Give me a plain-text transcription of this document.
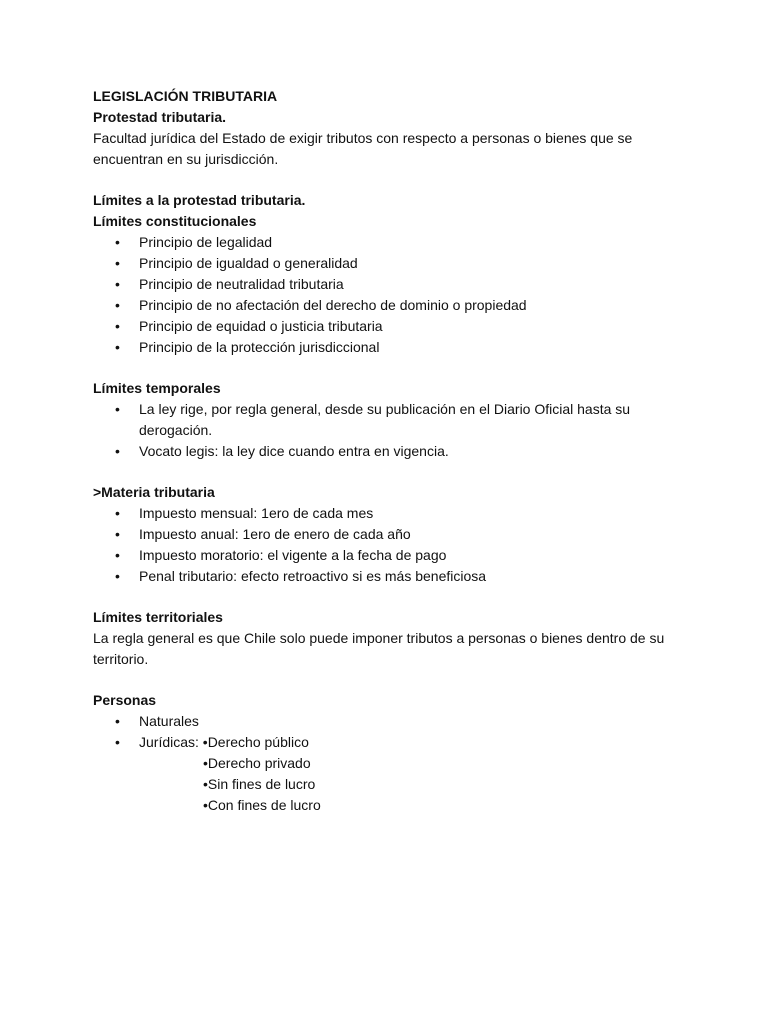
LEGISLACIÓN TRIBUTARIA

Protestad tributaria.

Facultad jurídica del Estado de exigir tributos con respecto a personas o bienes que se encuentran en su jurisdicción.

Límites a la protestad tributaria.

Límites constitucionales

• Principio de legalidad
• Principio de igualdad o generalidad
• Principio de neutralidad tributaria
• Principio de no afectación del derecho de dominio o propiedad
• Principio de equidad o justicia tributaria
• Principio de la protección jurisdiccional

Límites temporales

• La ley rige, por regla general, desde su publicación en el Diario Oficial hasta su derogación.
• Vocato legis: la ley dice cuando entra en vigencia.

>Materia tributaria

• Impuesto mensual: 1ero de cada mes
• Impuesto anual: 1ero de enero de cada año
• Impuesto moratorio: el vigente a la fecha de pago
• Penal tributario: efecto retroactivo si es más beneficiosa

Límites territoriales

La regla general es que Chile solo puede imponer tributos a personas o bienes dentro de su territorio.

Personas

• Naturales
• Jurídicas: •Derecho público

•Derecho privado

•Sin fines de lucro

•Con fines de lucro
